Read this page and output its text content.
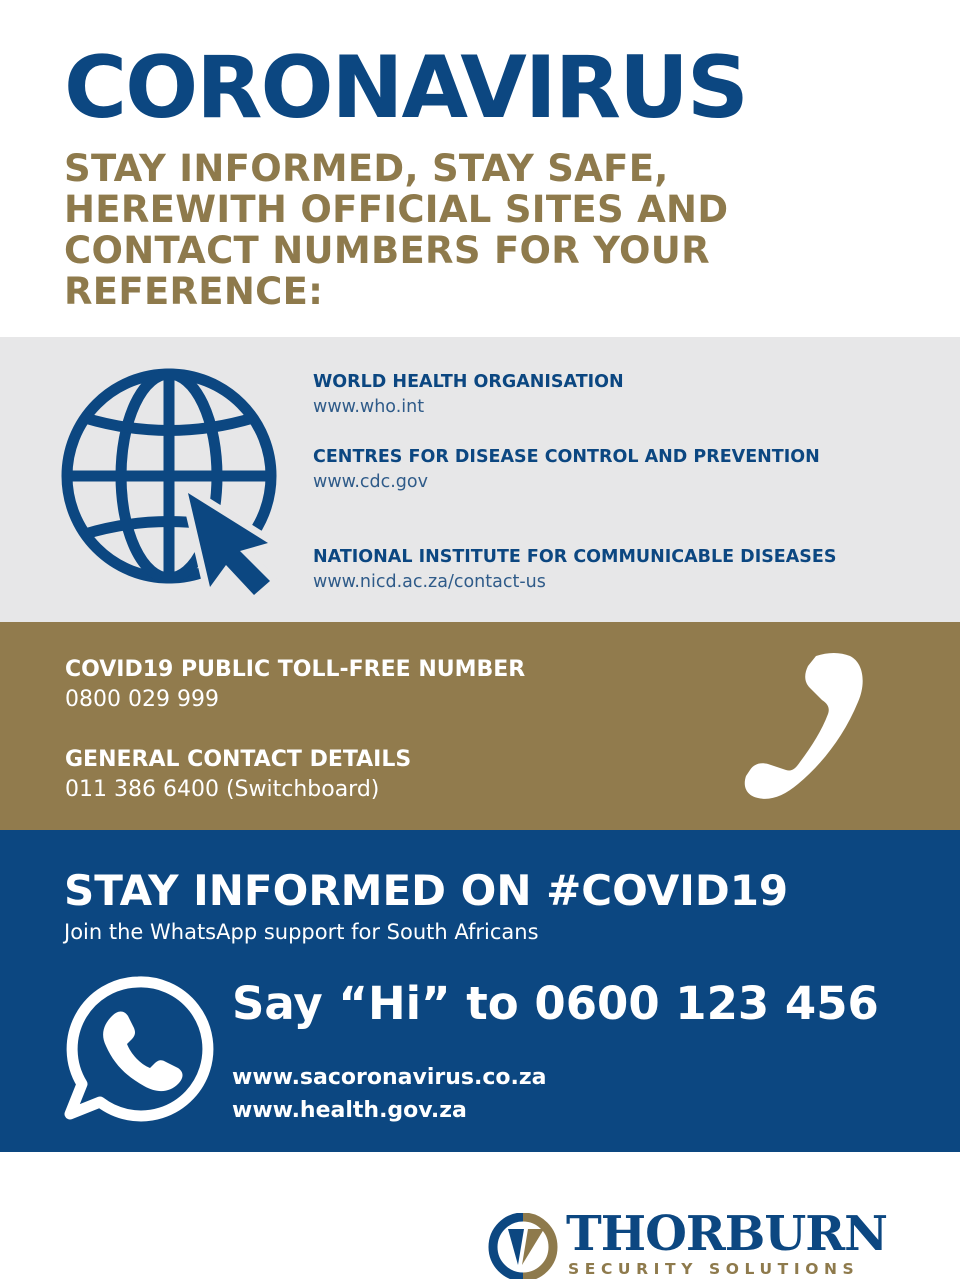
CORONAVIRUS

STAY INFORMED, STAY SAFE,
HEREWITH OFFICIAL SITES AND
CONTACT NUMBERS FOR YOUR
REFERENCE:

WORLD HEALTH ORGANISATION
www.who.int
CENTRES FOR DISEASE CONTROL AND PREVENTION
www.cdc.gov
NATIONAL INSTITUTE FOR COMMUNICABLE DISEASES
www.nicd.ac.za/contact-us
COVID19 PUBLIC TOLL-FREE NUMBER
0800 029 999
GENERAL CONTACT DETAILS
011 386 6400 (Switchboard)
STAY INFORMED ON #COVID19
Join the WhatsApp support for South Africans
Say “Hi” to 0600 123 456
www.sacoronavirus.co.za
www.health.gov.za
THORBURN
SECURITY SOLUTIONS
